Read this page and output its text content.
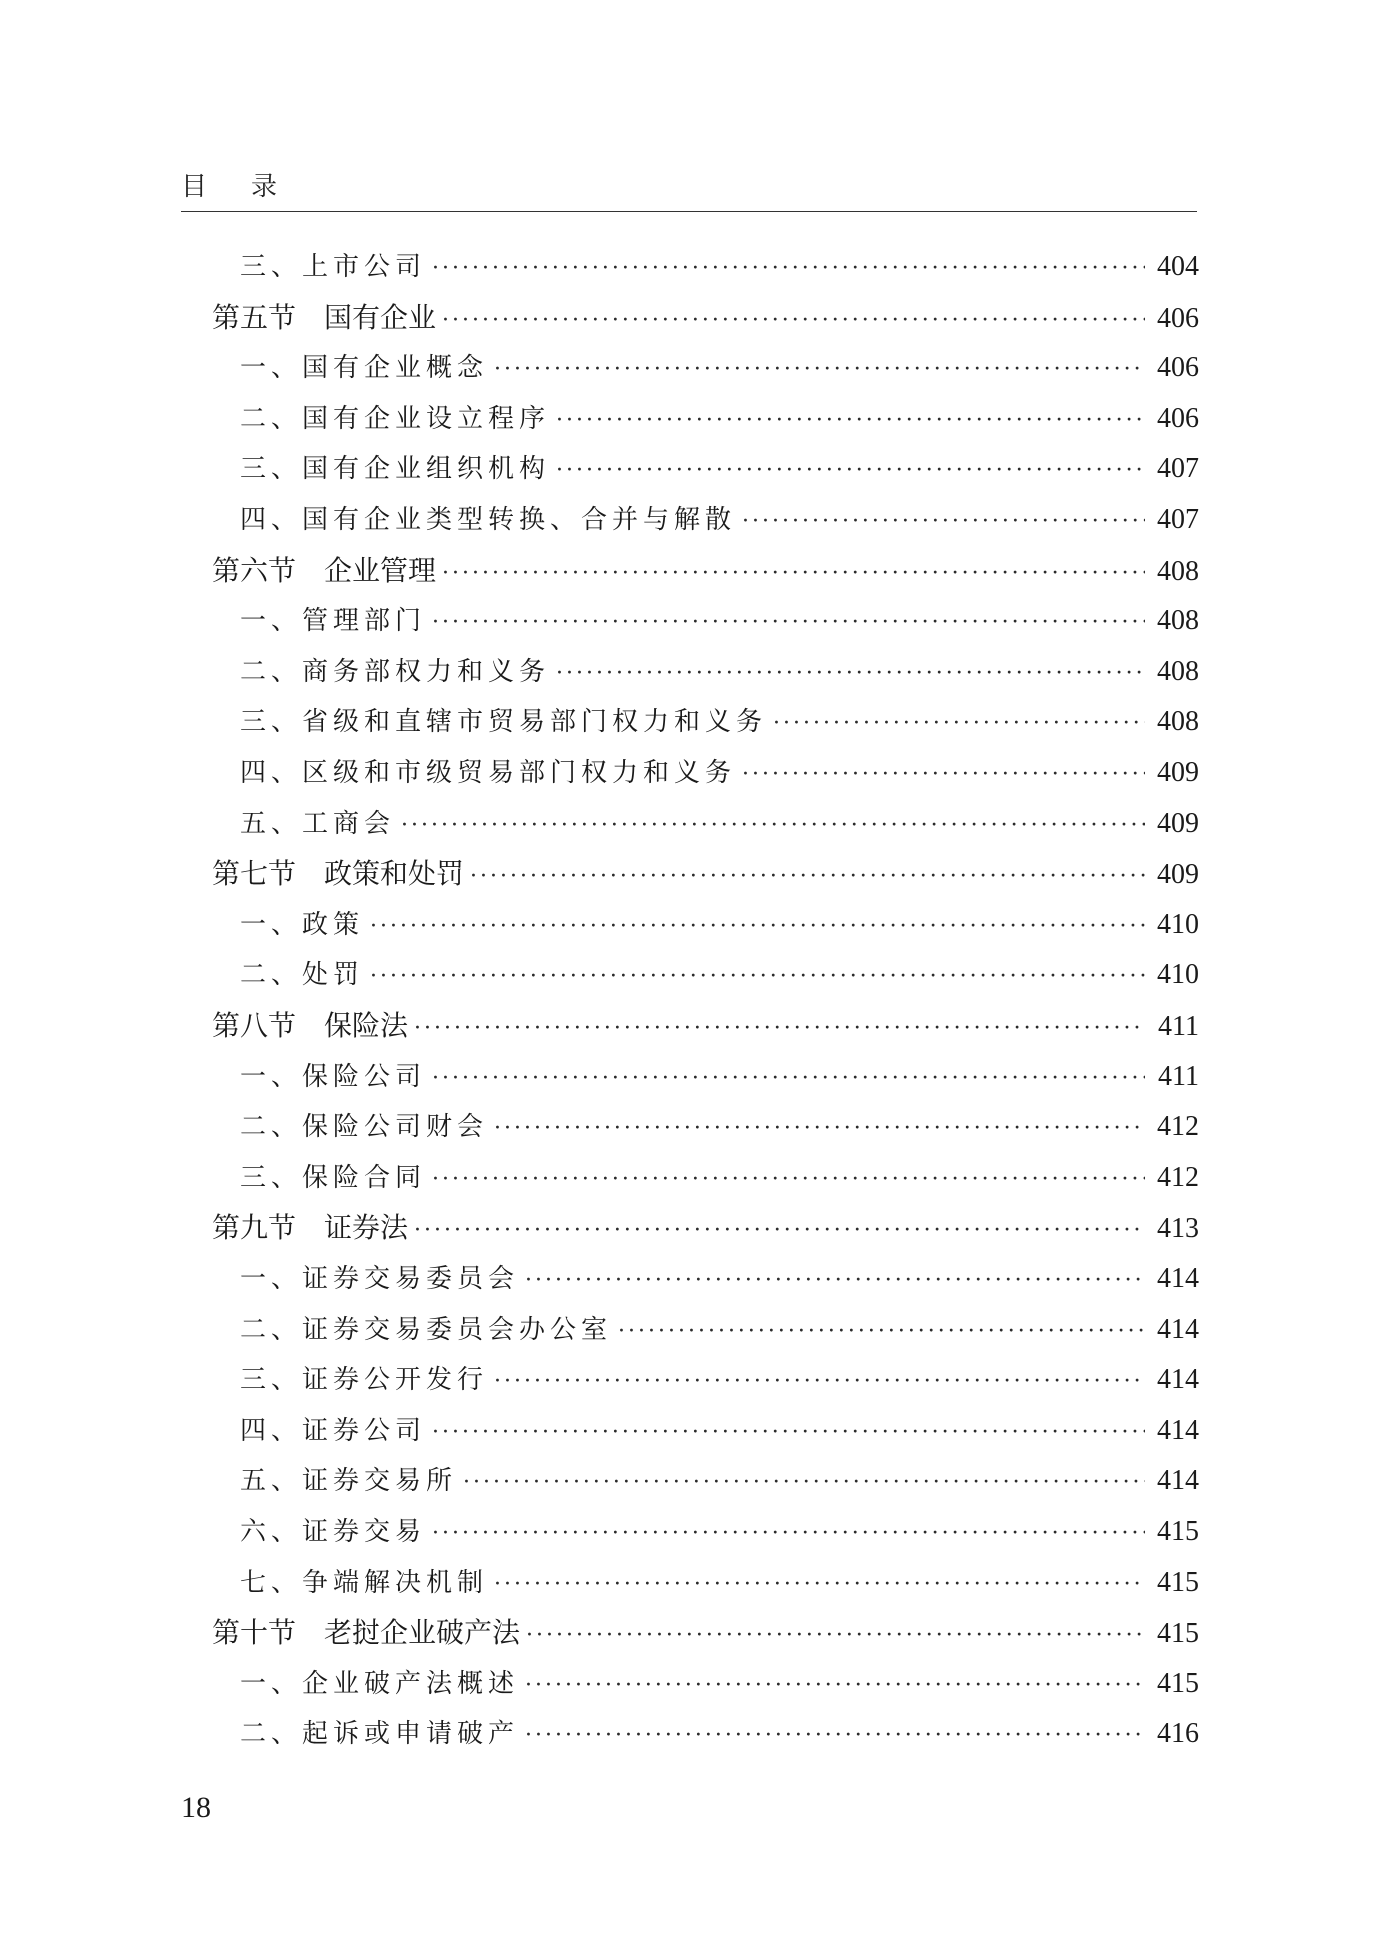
目录
三、上市公司 ·····	404
第五节 国有企业 ·····	406
一、国有企业概念 ·····	406
二、国有企业设立程序 ·····	406
三、国有企业组织机构 ·····	407
四、国有企业类型转换、合并与解散 ·····	407
第六节 企业管理 ·····	408
一、管理部门 ·····	408
二、商务部权力和义务 ·····	408
三、省级和直辖市贸易部门权力和义务 ·····	408
四、区级和市级贸易部门权力和义务 ·····	409
五、工商会 ·····	409
第七节 政策和处罚 ·····	409
一、政策 ·····	410
二、处罚 ·····	410
第八节 保险法 ·····	411
一、保险公司 ·····	411
二、保险公司财会 ·····	412
三、保险合同 ·····	412
第九节 证券法 ·····	413
一、证券交易委员会 ·····	414
二、证券交易委员会办公室 ·····	414
三、证券公开发行 ·····	414
四、证券公司 ·····	414
五、证券交易所 ·····	414
六、证券交易 ·····	415
七、争端解决机制 ·····	415
第十节 老挝企业破产法 ·····	415
一、企业破产法概述 ·····	415
二、起诉或申请破产 ·····	416
18
